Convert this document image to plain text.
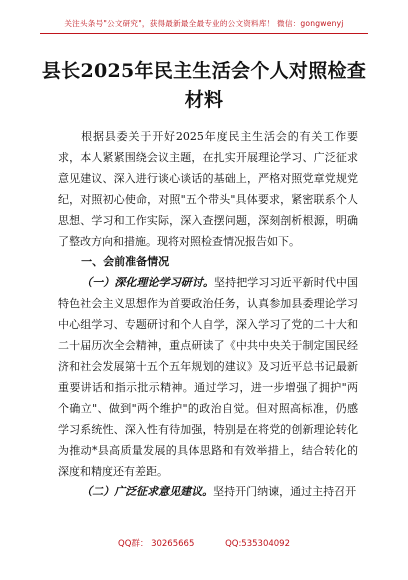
关注头条号"公文研究"，获得最新最全最专业的公文资料库！ 微信：gongwenyj
县长2025年民主生活会个人对照检查材料

根据县委关于开好2025年度民主生活会的有关工作要求，本人紧紧围绕会议主题，在扎实开展理论学习、广泛征求意见建议、深入进行谈心谈话的基础上，严格对照党章党规党纪，对照初心使命，对照"五个带头"具体要求，紧密联系个人思想、学习和工作实际，深入查摆问题，深刻剖析根源，明确了整改方向和措施。现将对照检查情况报告如下。

一、会前准备情况

（一）深化理论学习研讨。坚持把学习习近平新时代中国特色社会主义思想作为首要政治任务，认真参加县委理论学习中心组学习、专题研讨和个人自学，深入学习了党的二十大和二十届历次全会精神，重点研读了《中共中央关于制定国民经济和社会发展第十五个五年规划的建议》及习近平总书记最新重要讲话和指示批示精神。通过学习，进一步增强了拥护"两个确立"、做到"两个维护"的政治自觉。但对照高标准，仍感学习系统性、深入性有待加强，特别是在将党的创新理论转化为推动*县高质量发展的具体思路和有效举措上，结合转化的深度和精度还有差距。

（二）广泛征求意见建议。坚持开门纳谏，通过主持召开

QQ群： 30265665	QQ:535304092
